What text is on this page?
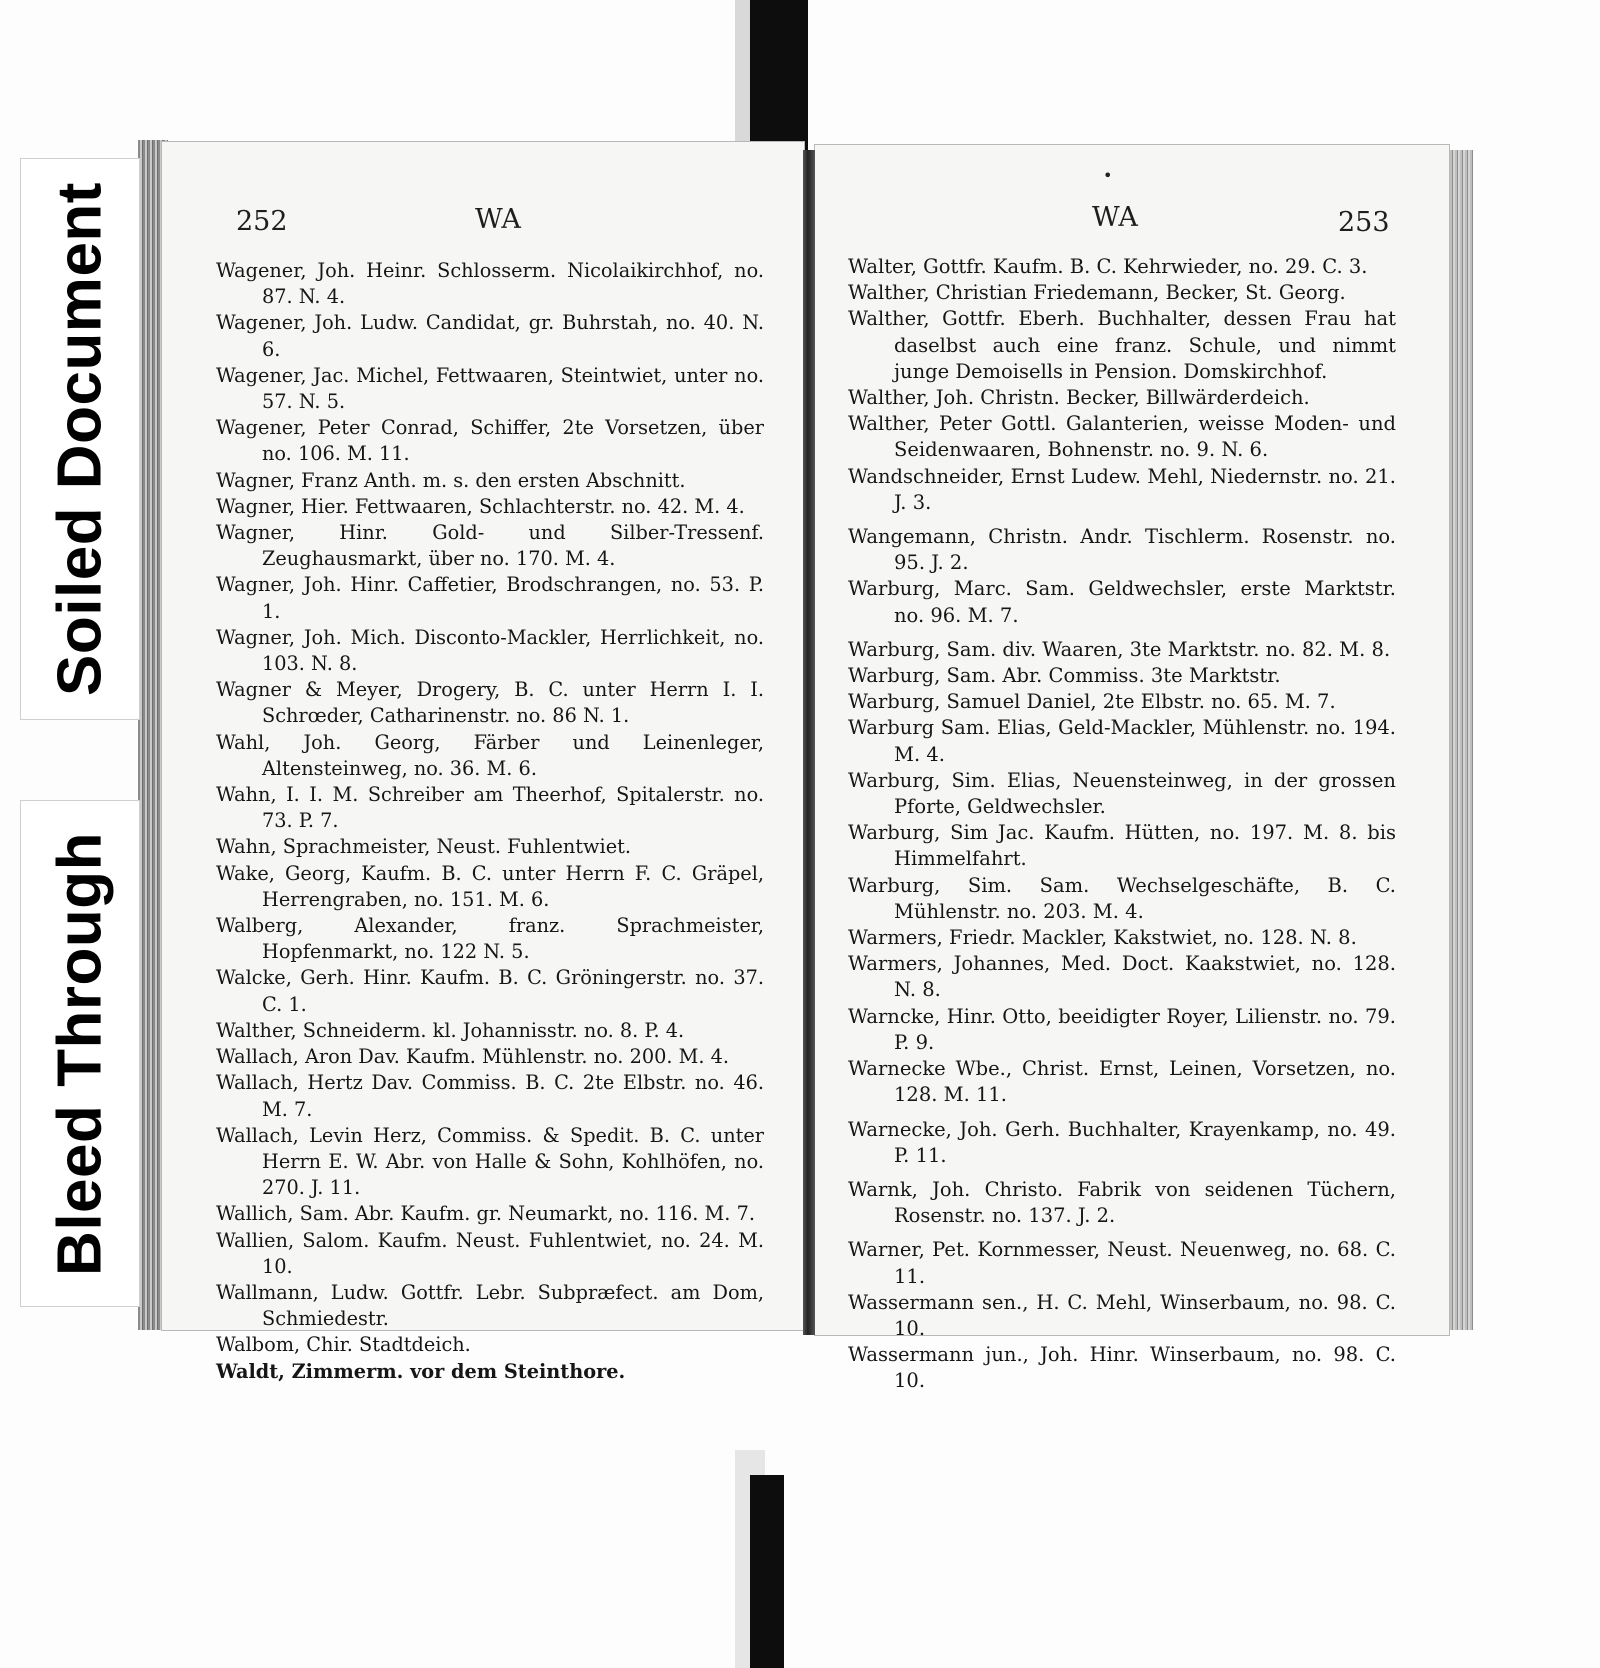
Soiled Document
Bleed Through
252	WA	WA	253
•
Wagener, Joh. Heinr. Schlosserm. Nicolaikirchhof, no. 87. N. 4.
Wagener, Joh. Ludw. Candidat, gr. Buhrstah, no. 40. N. 6.
Wagener, Jac. Michel, Fettwaaren, Steintwiet, unter no. 57. N. 5.
Wagener, Peter Conrad, Schiffer, 2te Vorsetzen, über no. 106. M. 11.
Wagner, Franz Anth. m. s. den ersten Abschnitt.
Wagner, Hier. Fettwaaren, Schlachterstr. no. 42. M. 4.
Wagner, Hinr. Gold- und Silber-Tressenf. Zeughausmarkt, über no. 170. M. 4.
Wagner, Joh. Hinr. Caffetier, Brodschrangen, no. 53. P. 1.
Wagner, Joh. Mich. Disconto-Mackler, Herrlichkeit, no. 103. N. 8.
Wagner & Meyer, Drogery, B. C. unter Herrn I. I. Schrœder, Catharinenstr. no. 86 N. 1.
Wahl, Joh. Georg, Färber und Leinenleger, Altensteinweg, no. 36. M. 6.
Wahn, I. I. M. Schreiber am Theerhof, Spitalerstr. no. 73. P. 7.
Wahn, Sprachmeister, Neust. Fuhlentwiet.
Wake, Georg, Kaufm. B. C. unter Herrn F. C. Gräpel, Herrengraben, no. 151. M. 6.
Walberg, Alexander, franz. Sprachmeister, Hopfenmarkt, no. 122 N. 5.
Walcke, Gerh. Hinr. Kaufm. B. C. Gröningerstr. no. 37. C. 1.
Walther, Schneiderm. kl. Johannisstr. no. 8. P. 4.
Wallach, Aron Dav. Kaufm. Mühlenstr. no. 200. M. 4.
Wallach, Hertz Dav. Commiss. B. C. 2te Elbstr. no. 46. M. 7.
Wallach, Levin Herz, Commiss. & Spedit. B. C. unter Herrn E. W. Abr. von Halle & Sohn, Kohlhöfen, no. 270. J. 11.
Wallich, Sam. Abr. Kaufm. gr. Neumarkt, no. 116. M. 7.
Wallien, Salom. Kaufm. Neust. Fuhlentwiet, no. 24. M. 10.
Wallmann, Ludw. Gottfr. Lebr. Subpræfect. am Dom, Schmiedestr.
Walbom, Chir. Stadtdeich.
Waldt, Zimmerm. vor dem Steinthore.
Walter, Gottfr. Kaufm. B. C. Kehrwieder, no. 29. C. 3.
Walther, Christian Friedemann, Becker, St. Georg.
Walther, Gottfr. Eberh. Buchhalter, dessen Frau hat daselbst auch eine franz. Schule, und nimmt junge Demoisells in Pension. Domskirchhof.
Walther, Joh. Christn. Becker, Billwärderdeich.
Walther, Peter Gottl. Galanterien, weisse Moden- und Seidenwaaren, Bohnenstr. no. 9. N. 6.
Wandschneider, Ernst Ludew. Mehl, Niedernstr. no. 21. J. 3.
Wangemann, Christn. Andr. Tischlerm. Rosenstr. no. 95. J. 2.
Warburg, Marc. Sam. Geldwechsler, erste Marktstr. no. 96. M. 7.
Warburg, Sam. div. Waaren, 3te Marktstr. no. 82. M. 8.
Warburg, Sam. Abr. Commiss. 3te Marktstr.
Warburg, Samuel Daniel, 2te Elbstr. no. 65. M. 7.
Warburg Sam. Elias, Geld-Mackler, Mühlenstr. no. 194. M. 4.
Warburg, Sim. Elias, Neuensteinweg, in der grossen Pforte, Geldwechsler.
Warburg, Sim Jac. Kaufm. Hütten, no. 197. M. 8. bis Himmelfahrt.
Warburg, Sim. Sam. Wechselgeschäfte, B. C. Mühlenstr. no. 203. M. 4.
Warmers, Friedr. Mackler, Kakstwiet, no. 128. N. 8.
Warmers, Johannes, Med. Doct. Kaakstwiet, no. 128. N. 8.
Warncke, Hinr. Otto, beeidigter Royer, Lilienstr. no. 79. P. 9.
Warnecke Wbe., Christ. Ernst, Leinen, Vorsetzen, no. 128. M. 11.
Warnecke, Joh. Gerh. Buchhalter, Krayenkamp, no. 49. P. 11.
Warnk, Joh. Christo. Fabrik von seidenen Tüchern, Rosenstr. no. 137. J. 2.
Warner, Pet. Kornmesser, Neust. Neuenweg, no. 68. C. 11.
Wassermann sen., H. C. Mehl, Winserbaum, no. 98. C. 10.
Wassermann jun., Joh. Hinr. Winserbaum, no. 98. C. 10.
